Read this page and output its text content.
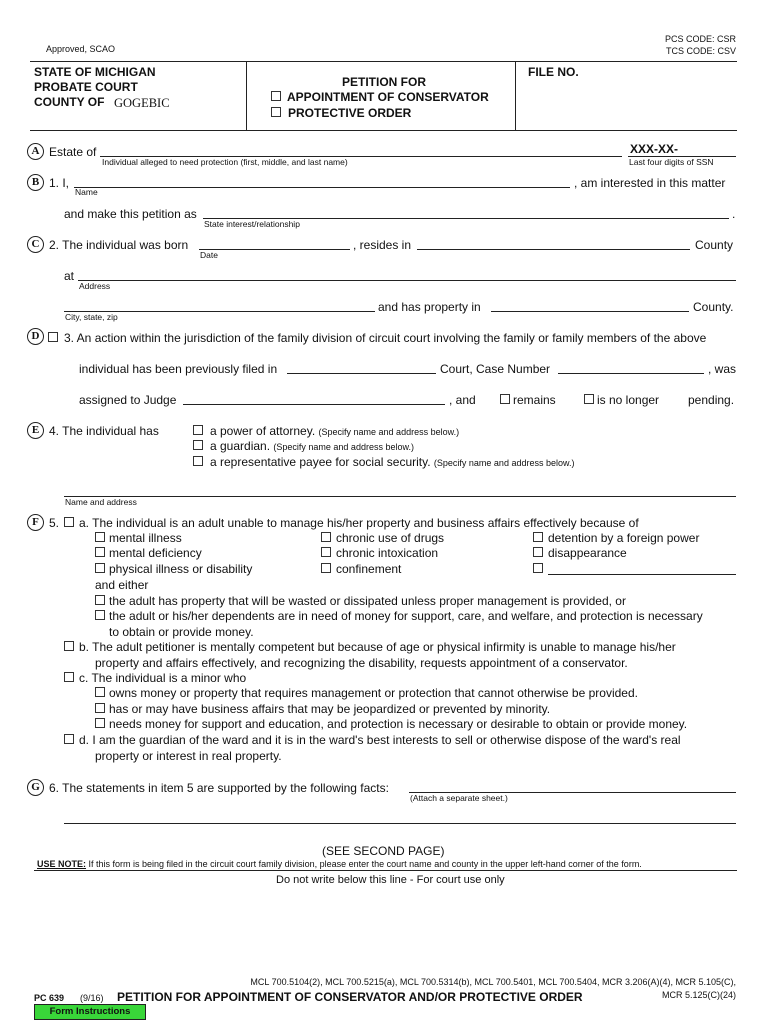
Approved, SCAO
PCS CODE: CSR
TCS CODE: CSV
STATE OF MICHIGAN
PROBATE COURT
COUNTY OF GOGEBIC
PETITION FOR
APPOINTMENT OF CONSERVATOR
PROTECTIVE ORDER
FILE NO.
A Estate of
Individual alleged to need protection (first, middle, and last name)
XXX-XX-
Last four digits of SSN
B 1. I,	, am interested in this matter
Name
and make this petition as	.
State interest/relationship
C 2. The individual was born	, resides in	County
Date
at
Address
and has property in	County.
City, state, zip
D	3. An action within the jurisdiction of the family division of circuit court involving the family or family members of the above
individual has been previously filed in	Court, Case Number	, was
assigned to Judge	, and	remains	is no longer pending.
E 4. The individual has	a power of attorney. (Specify name and address below.)
a guardian. (Specify name and address below.)
a representative payee for social security. (Specify name and address below.)
Name and address
F 5. a. The individual is an adult unable to manage his/her property and business affairs effectively because of
mental illness
mental deficiency
physical illness or disability
chronic use of drugs
chronic intoxication
confinement
detention by a foreign power
disappearance
and either
the adult has property that will be wasted or dissipated unless proper management is provided, or
the adult or his/her dependents are in need of money for support, care, and welfare, and protection is necessary
to obtain or provide money.
b. The adult petitioner is mentally competent but because of age or physical infirmity is unable to manage his/her
property and affairs effectively, and recognizing the disability, requests appointment of a conservator.
c. The individual is a minor who
owns money or property that requires management or protection that cannot otherwise be provided.
has or may have business affairs that may be jeopardized or prevented by minority.
needs money for support and education, and protection is necessary or desirable to obtain or provide money.
d. I am the guardian of the ward and it is in the ward's best interests to sell or otherwise dispose of the ward's real
property or interest in real property.
G 6. The statements in item 5 are supported by the following facts:
(Attach a separate sheet.)
(SEE SECOND PAGE)
USE NOTE: If this form is being filed in the circuit court family division, please enter the court name and county in the upper left-hand corner of the form.
Do not write below this line - For court use only
MCL 700.5104(2), MCL 700.5215(a), MCL 700.5314(b), MCL 700.5401, MCL 700.5404, MCR 3.206(A)(4), MCR 5.105(C),
MCR 5.125(C)(24)
PC 639 (9/16) PETITION FOR APPOINTMENT OF CONSERVATOR AND/OR PROTECTIVE ORDER
Form Instructions
